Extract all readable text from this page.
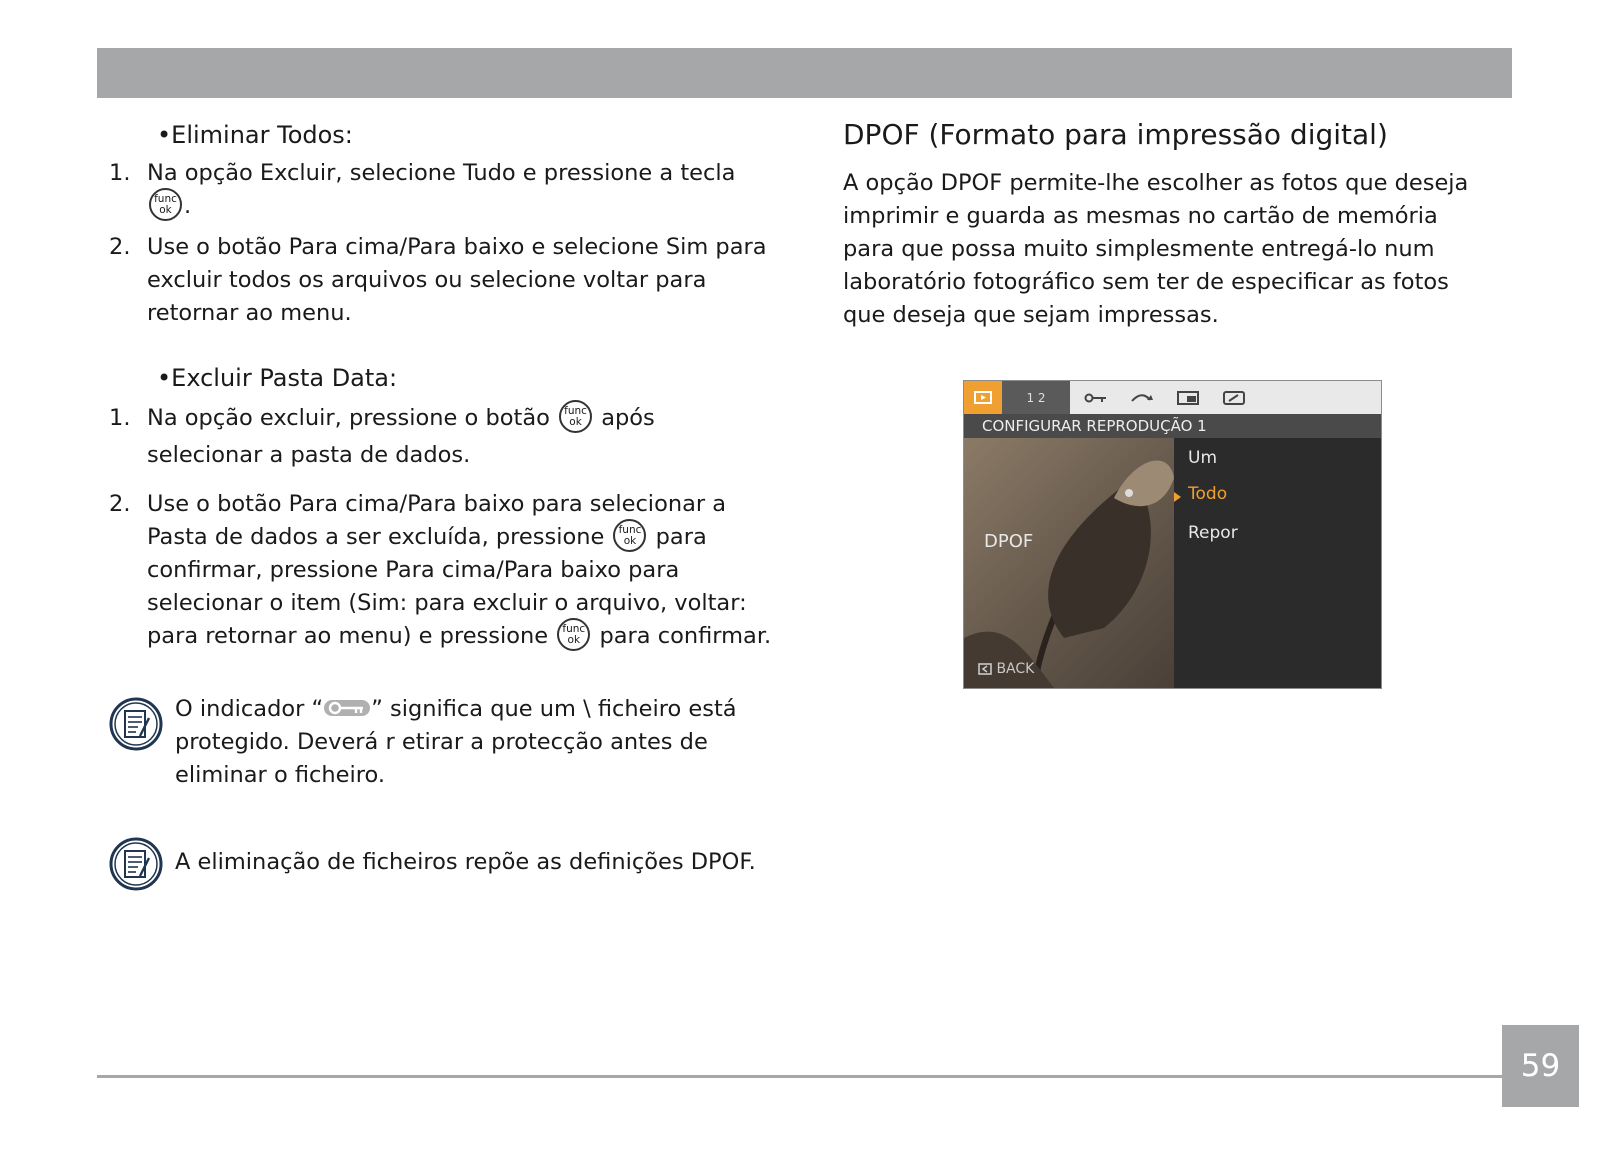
•Eliminar Todos:
1. Na opção Excluir, selecione Tudo e pressione a tecla
func
ok .
2. Use o botão Para cima/Para baixo e selecione Sim para excluir todos os arquivos ou selecione voltar para retornar ao menu.
•Excluir Pasta Data:
1. Na opção excluir, pressione o botão func
ok após selecionar a pasta de dados.
2. Use o botão Para cima/Para baixo para selecionar a Pasta de dados a ser excluída, pressione func
ok para confirmar, pressione Para cima/Para baixo para selecionar o item (Sim: para excluir o arquivo, voltar: para retornar ao menu) e pressione func
ok para confirmar.
O indicador “ ” significa que um \ ficheiro está protegido. Deverá r etirar a protecção antes de eliminar o ficheiro.
A eliminação de ficheiros repõe as definições DPOF.
DPOF (Formato para impressão digital)

A opção DPOF permite-lhe escolher as fotos que deseja imprimir e guarda as mesmas no cartão de memória para que possa muito simplesmente entregá-lo num laboratório fotográfico sem ter de especificar as fotos que deseja que sejam impressas.

1 2
CONFIGURAR REPRODUÇÃO 1
DPOF
BACK
Um
Todo
Repor
59
